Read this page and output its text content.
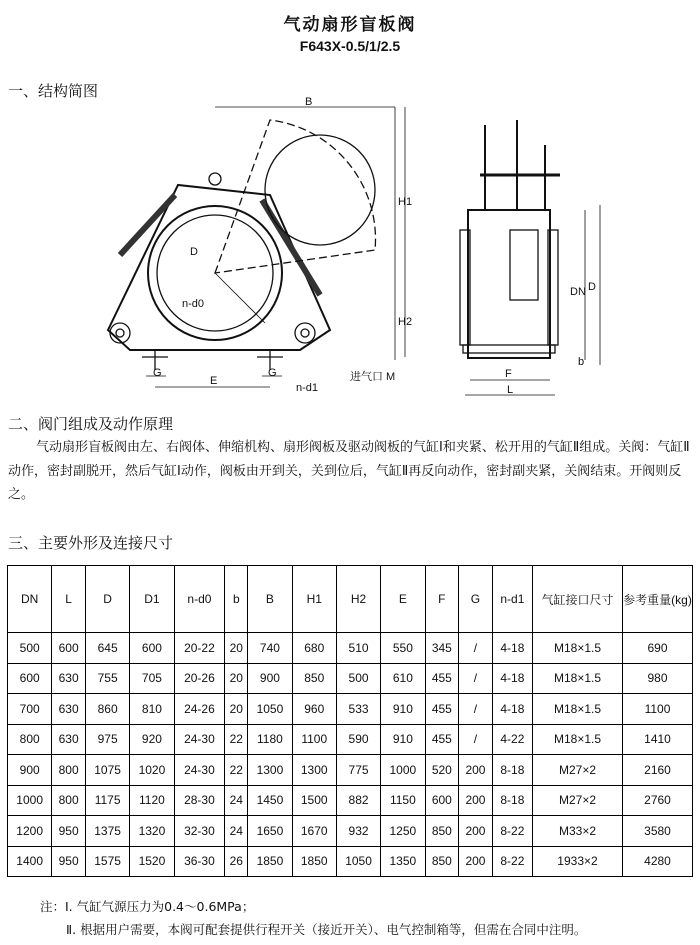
气动扇形盲板阀
F643X-0.5/1/2.5
一、结构简图
B
H1
H2
D
n-d0
G	G
E
n-d1
进气口 M
DN D
b
F
L
二、阀门组成及动作原理
气动扇形盲板阀由左、右阀体、伸缩机构、扇形阀板及驱动阀板的气缸Ⅰ和夹紧、松开用的气缸Ⅱ组成。关阀：气缸Ⅱ动作，密封副脱开，然后气缸Ⅰ动作，阀板由开到关，关到位后，气缸Ⅱ再反向动作，密封副夹紧，关阀结束。开阀则反之。
三、主要外形及连接尺寸
DN	L	D	D1	n-d0	b	B	H1	H2	E	F	G	n-d1	气缸接口尺寸	参考重量(kg)
500	600	645	600	20-22	20	740	680	510	550	345	/	4-18	M18×1.5	690
600	630	755	705	20-26	20	900	850	500	610	455	/	4-18	M18×1.5	980
700	630	860	810	24-26	20	1050	960	533	910	455	/	4-18	M18×1.5	1100
800	630	975	920	24-30	22	1180	1100	590	910	455	/	4-22	M18×1.5	1410
900	800	1075	1020	24-30	22	1300	1300	775	1000	520	200	8-18	M27×2	2160
1000	800	1175	1120	28-30	24	1450	1500	882	1150	600	200	8-18	M27×2	2760
1200	950	1375	1320	32-30	24	1650	1670	932	1250	850	200	8-22	M33×2	3580
1400	950	1575	1520	36-30	26	1850	1850	1050	1350	850	200	8-22	1933×2	4280
注：Ⅰ. 气缸气源压力为0.4～0.6MPa；
Ⅱ. 根据用户需要，本阀可配套提供行程开关（接近开关）、电气控制箱等，但需在合同中注明。
